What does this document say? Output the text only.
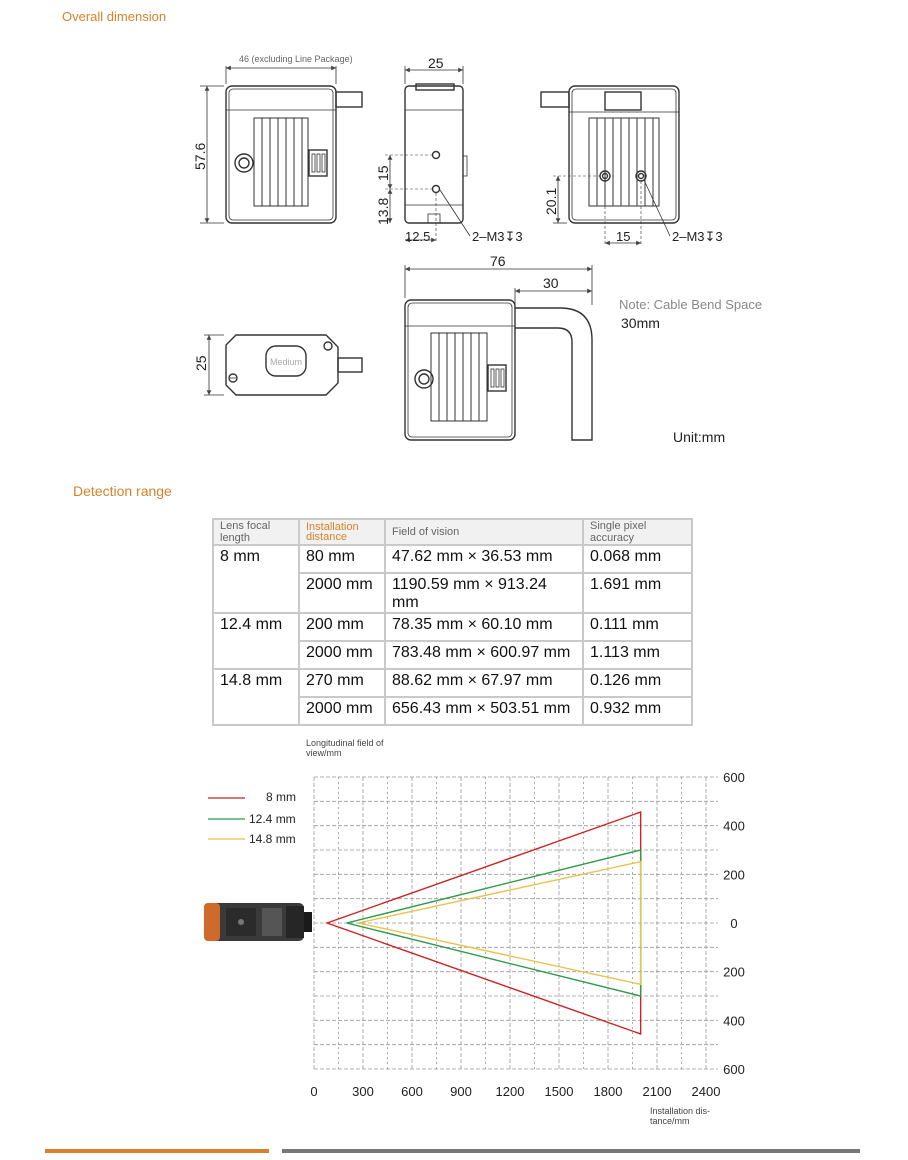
Overall dimension
Detection range
46 (excluding Line Package)
57.6
25
15
13.8
12.5	2–M3↧3
20.1
15	2–M3↧3
25	Medium
76
30
Note: Cable Bend Space
30mm
Unit:mm
Lens focal length	Installation distance	Field of vision	Single pixel accuracy
8 mm	80 mm	47.62 mm × 36.53 mm	0.068 mm
	2000 mm	1190.59 mm × 913.24 mm	1.691 mm
12.4 mm	200 mm	78.35 mm × 60.10 mm	0.111 mm
	2000 mm	783.48 mm × 600.97 mm	1.113 mm
14.8 mm	270 mm	88.62 mm × 67.97 mm	0.126 mm
	2000 mm	656.43 mm × 503.51 mm	0.932 mm
0	300 600 900 1200 1500 1800 2100 2400
600
400
200
0
200
400
600
8 mm
12.4 mm
14.8 mm
Longitudinal field of view/mm
Installation dis- tance/mm
